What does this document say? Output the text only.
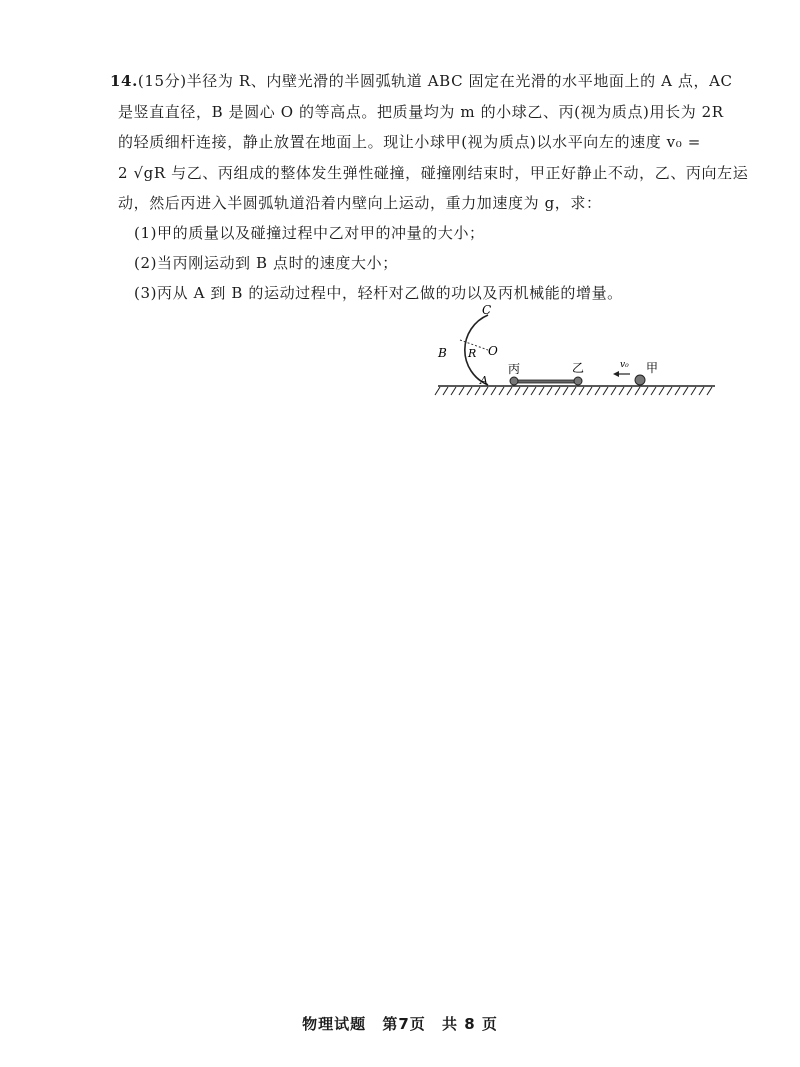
14.(15分)半径为 R、内壁光滑的半圆弧轨道 ABC 固定在光滑的水平地面上的 A 点，AC
是竖直直径，B 是圆心 O 的等高点。把质量均为 m 的小球乙、丙(视为质点)用长为 2R
的轻质细杆连接，静止放置在地面上。现让小球甲(视为质点)以水平向左的速度 v₀ =
2 √gR 与乙、丙组成的整体发生弹性碰撞，碰撞刚结束时，甲正好静止不动，乙、丙向左运
动，然后丙进入半圆弧轨道沿着内壁向上运动，重力加速度为 g，求：
(1)甲的质量以及碰撞过程中乙对甲的冲量的大小；
(2)当丙刚运动到 B 点时的速度大小；
(3)丙从 A 到 B 的运动过程中，轻杆对乙做的功以及丙机械能的增量。
C
B R O
A
丙	乙	甲
v₀
物理试题 第7页 共 8 页
